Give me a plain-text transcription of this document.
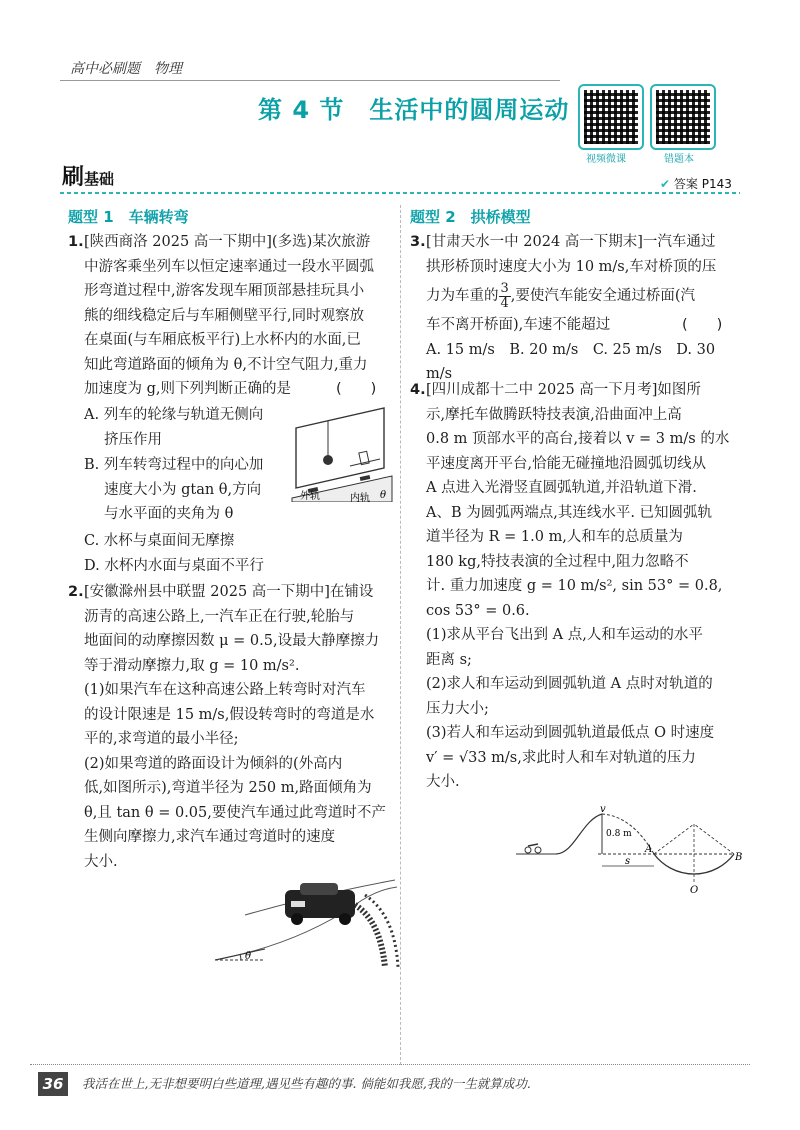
高中必刷题　物理
第 4 节　生活中的圆周运动
视频微课	错题本
刷基础	✔ 答案 P143
题型 1　车辆转弯
1. [陕西商洛 2025 高一下期中](多选)某次旅游
中游客乘坐列车以恒定速率通过一段水平圆弧
形弯道过程中,游客发现车厢顶部悬挂玩具小
熊的细线稳定后与车厢侧壁平行,同时观察放
在桌面(与车厢底板平行)上水杯内的水面,已
知此弯道路面的倾角为 θ,不计空气阻力,重力
加速度为 g,则下列判断正确的是	(　　)
A. 列车的轮缘与轨道无侧向
挤压作用
B. 列车转弯过程中的向心加
速度大小为 gtan θ,方向
与水平面的夹角为 θ
C. 水杯与桌面间无摩擦
D. 水杯内水面与桌面不平行
外轨	内轨 θ
2. [安徽滁州县中联盟 2025 高一下期中]在铺设
沥青的高速公路上,一汽车正在行驶,轮胎与
地面间的动摩擦因数 μ = 0.5,设最大静摩擦力
等于滑动摩擦力,取 g = 10 m/s².
(1)如果汽车在这种高速公路上转弯时对汽车
的设计限速是 15 m/s,假设转弯时的弯道是水
平的,求弯道的最小半径;
(2)如果弯道的路面设计为倾斜的(外高内
低,如图所示),弯道半径为 250 m,路面倾角为
θ,且 tan θ = 0.05,要使汽车通过此弯道时不产
生侧向摩擦力,求汽车通过弯道时的速度
大小.
θ
题型 2　拱桥模型
3. [甘肃天水一中 2024 高一下期末]一汽车通过
拱形桥顶时速度大小为 10 m/s,车对桥顶的压
力为车重的 $\frac{3}{4}$ ,要使汽车能安全通过桥面(汽
车不离开桥面),车速不能超过
A. 15 m/s　B. 20 m/s　C. 25 m/s　D. 30 m/s
(　　)
4. [四川成都十二中 2025 高一下月考]如图所
示,摩托车做腾跃特技表演,沿曲面冲上高
0.8 m 顶部水平的高台,接着以 v = 3 m/s 的水
平速度离开平台,恰能无碰撞地沿圆弧切线从
A 点进入光滑竖直圆弧轨道,并沿轨道下滑.
A、B 为圆弧两端点,其连线水平. 已知圆弧轨
道半径为 R = 1.0 m,人和车的总质量为
180 kg,特技表演的全过程中,阻力忽略不
计. 重力加速度 g = 10 m/s², sin 53° = 0.8,
cos 53° = 0.6.
(1)求从平台飞出到 A 点,人和车运动的水平
距离 s;
(2)求人和车运动到圆弧轨道 A 点时对轨道的
压力大小;
(3)若人和车运动到圆弧轨道最低点 O 时速度
v′ = √33 m/s,求此时人和车对轨道的压力
大小.
v
0.8 m
A
B
O
s
36	我活在世上,无非想要明白些道理,遇见些有趣的事. 倘能如我愿,我的一生就算成功.
